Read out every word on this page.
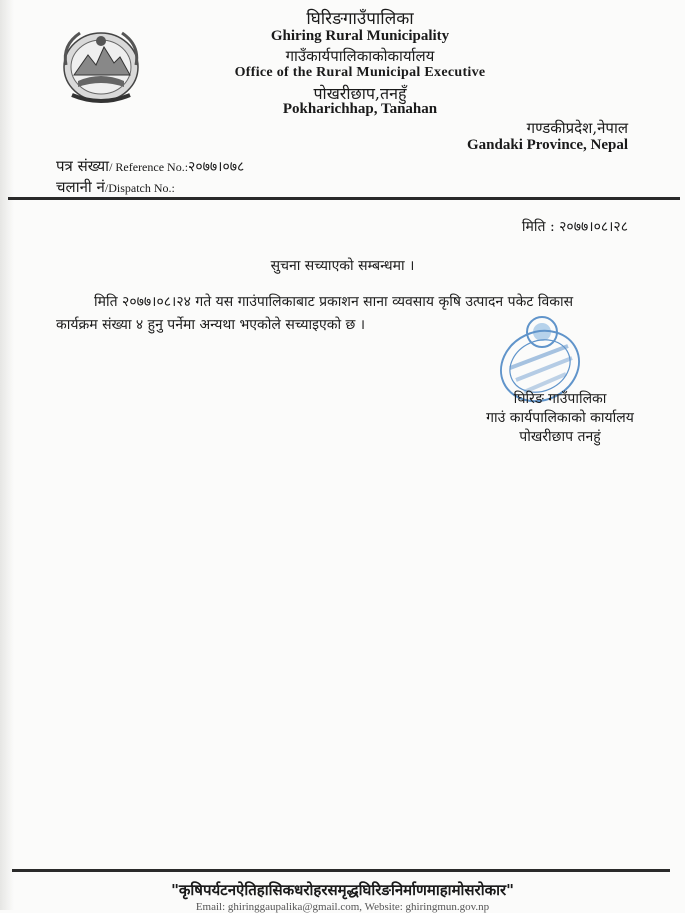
घिरिङगाउँपालिका
Ghiring Rural Municipality
गाउँकार्यपालिकाकोकार्यालय
Office of the Rural Municipal Executive
पोखरीछाप,तनहुँ
Pokharichhap, Tanahan
गण्डकीप्रदेश,नेपाल
Gandaki Province, Nepal
पत्र संख्या/ Reference No.:२०७७।०७८
चलानी नं/Dispatch No.:
मिति : २०७७।०८।२८
सुचना सच्याएको सम्बन्धमा ।
मिति २०७७।०८।२४ गते यस गाउंपालिकाबाट प्रकाशन साना व्यवसाय कृषि उत्पादन पकेट विकास
कार्यक्रम संख्या ४ हुनु पर्नेमा अन्यथा भएकोले सच्याइएको छ ।
घिरिङ गाउँपालिका
गाउं कार्यपालिकाको कार्यालय
पोखरीछाप तनहुं
"कृषिपर्यटनऐतिहासिकधरोहरसमृद्धघिरिङनिर्माणमाहामोसरोकार"
Email: ghiringgaupalika@gmail.com, Website: ghiringmun.gov.np
